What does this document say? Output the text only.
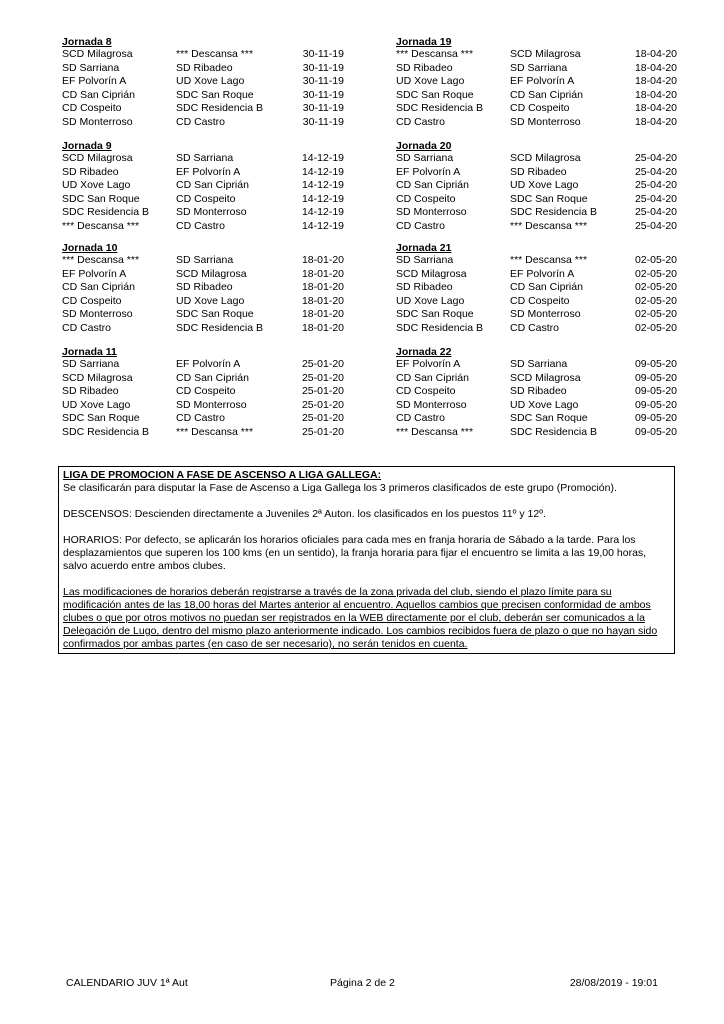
Jornada 8
SCD Milagrosa	*** Descansa ***	30-11-19
SD Sarriana	SD Ribadeo	30-11-19
EF Polvorín A	UD Xove Lago	30-11-19
CD San Ciprián	SDC San Roque	30-11-19
CD Cospeito	SDC Residencia B	30-11-19
SD Monterroso	CD Castro	30-11-19
Jornada 19
*** Descansa ***	SCD Milagrosa	18-04-20
SD Ribadeo	SD Sarriana	18-04-20
UD Xove Lago	EF Polvorín A	18-04-20
SDC San Roque	CD San Ciprián	18-04-20
SDC Residencia B	CD Cospeito	18-04-20
CD Castro	SD Monterroso	18-04-20
Jornada 9
SCD Milagrosa	SD Sarriana	14-12-19
SD Ribadeo	EF Polvorín A	14-12-19
UD Xove Lago	CD San Ciprián	14-12-19
SDC San Roque	CD Cospeito	14-12-19
SDC Residencia B	SD Monterroso	14-12-19
*** Descansa ***	CD Castro	14-12-19
Jornada 20
SD Sarriana	SCD Milagrosa	25-04-20
EF Polvorín A	SD Ribadeo	25-04-20
CD San Ciprián	UD Xove Lago	25-04-20
CD Cospeito	SDC San Roque	25-04-20
SD Monterroso	SDC Residencia B	25-04-20
CD Castro	*** Descansa ***	25-04-20
Jornada 10
*** Descansa ***	SD Sarriana	18-01-20
EF Polvorín A	SCD Milagrosa	18-01-20
CD San Ciprián	SD Ribadeo	18-01-20
CD Cospeito	UD Xove Lago	18-01-20
SD Monterroso	SDC San Roque	18-01-20
CD Castro	SDC Residencia B	18-01-20
Jornada 21
SD Sarriana	*** Descansa ***	02-05-20
SCD Milagrosa	EF Polvorín A	02-05-20
SD Ribadeo	CD San Ciprián	02-05-20
UD Xove Lago	CD Cospeito	02-05-20
SDC San Roque	SD Monterroso	02-05-20
SDC Residencia B	CD Castro	02-05-20
Jornada 11
SD Sarriana	EF Polvorín A	25-01-20
SCD Milagrosa	CD San Ciprián	25-01-20
SD Ribadeo	CD Cospeito	25-01-20
UD Xove Lago	SD Monterroso	25-01-20
SDC San Roque	CD Castro	25-01-20
SDC Residencia B	*** Descansa ***	25-01-20
Jornada 22
EF Polvorín A	SD Sarriana	09-05-20
CD San Ciprián	SCD Milagrosa	09-05-20
CD Cospeito	SD Ribadeo	09-05-20
SD Monterroso	UD Xove Lago	09-05-20
CD Castro	SDC San Roque	09-05-20
*** Descansa ***	SDC Residencia B	09-05-20

LIGA DE PROMOCION A FASE DE ASCENSO A LIGA GALLEGA:

Se clasificarán para disputar la Fase de Ascenso a Liga Gallega los 3 primeros clasificados de este grupo (Promoción).

DESCENSOS: Descienden directamente a Juveniles 2ª Auton. los clasificados en los puestos 11º y 12º.

HORARIOS: Por defecto, se aplicarán los horarios oficiales para cada mes en franja horaria de Sábado a la tarde. Para los desplazamientos que superen los 100 kms (en un sentido), la franja horaria para fijar el encuentro se limita a las 19,00 horas, salvo acuerdo entre ambos clubes.

Las modificaciones de horarios deberán registrarse a través de la zona privada del club, siendo el plazo límite para su modificación antes de las 18,00 horas del Martes anterior al encuentro. Aquellos cambios que precisen conformidad de ambos clubes o que por otros motivos no puedan ser registrados en la WEB directamente por el club, deberán ser comunicados a la Delegación de Lugo, dentro del mismo plazo anteriormente indicado. Los cambios recibidos fuera de plazo o que no hayan sido confirmados por ambas partes (en caso de ser necesario), no serán tenidos en cuenta.

CALENDARIO JUV 1ª Aut	Página 2 de 2	28/08/2019 - 19:01
